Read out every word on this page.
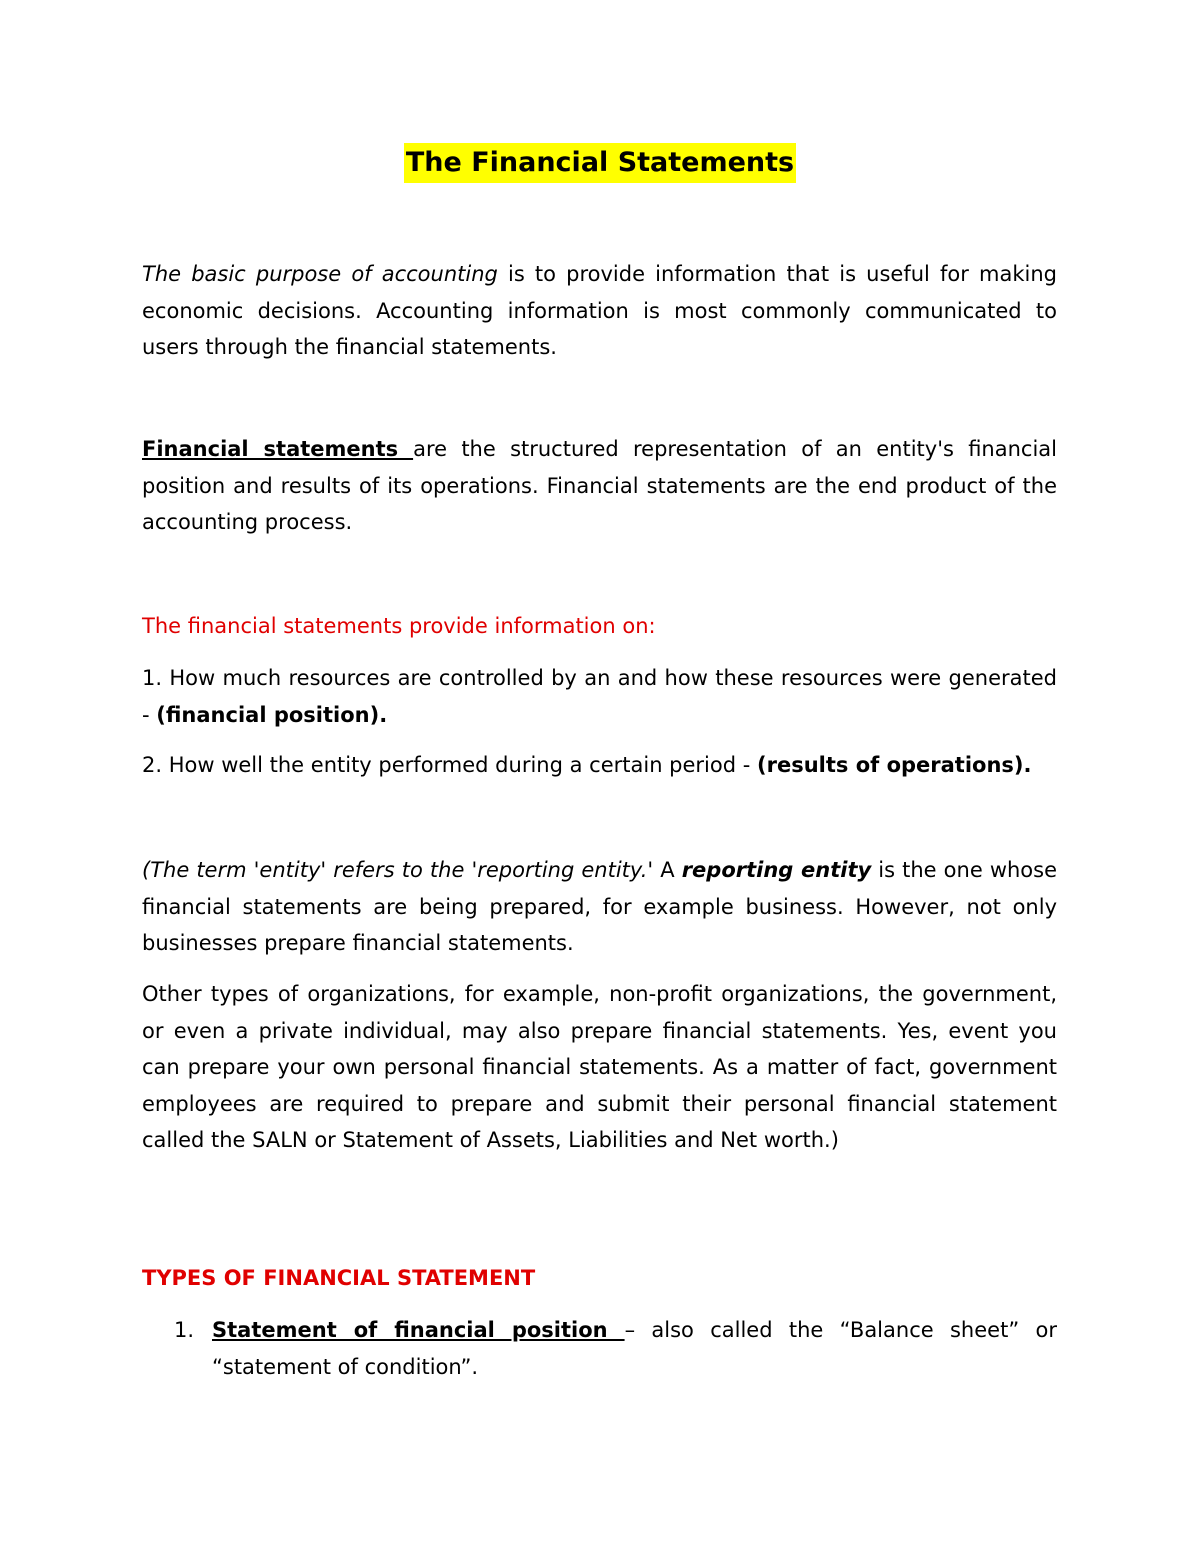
The Financial Statements

The basic purpose of accounting is to provide information that is useful for making economic decisions. Accounting information is most commonly communicated to users through the financial statements.

Financial statements are the structured representation of an entity's financial position and results of its operations. Financial statements are the end product of the accounting process.

The financial statements provide information on:

1. How much resources are controlled by an and how these resources were generated - (financial position).

2. How well the entity performed during a certain period - (results of operations).

(The term 'entity' refers to the 'reporting entity.' A reporting entity is the one whose financial statements are being prepared, for example business. However, not only businesses prepare financial statements.

Other types of organizations, for example, non-profit organizations, the government, or even a private individual, may also prepare financial statements. Yes, event you can prepare your own personal financial statements. As a matter of fact, government employees are required to prepare and submit their personal financial statement called the SALN or Statement of Assets, Liabilities and Net worth.)

TYPES OF FINANCIAL STATEMENT

1. Statement of financial position – also called the “Balance sheet” or “statement of condition”.
